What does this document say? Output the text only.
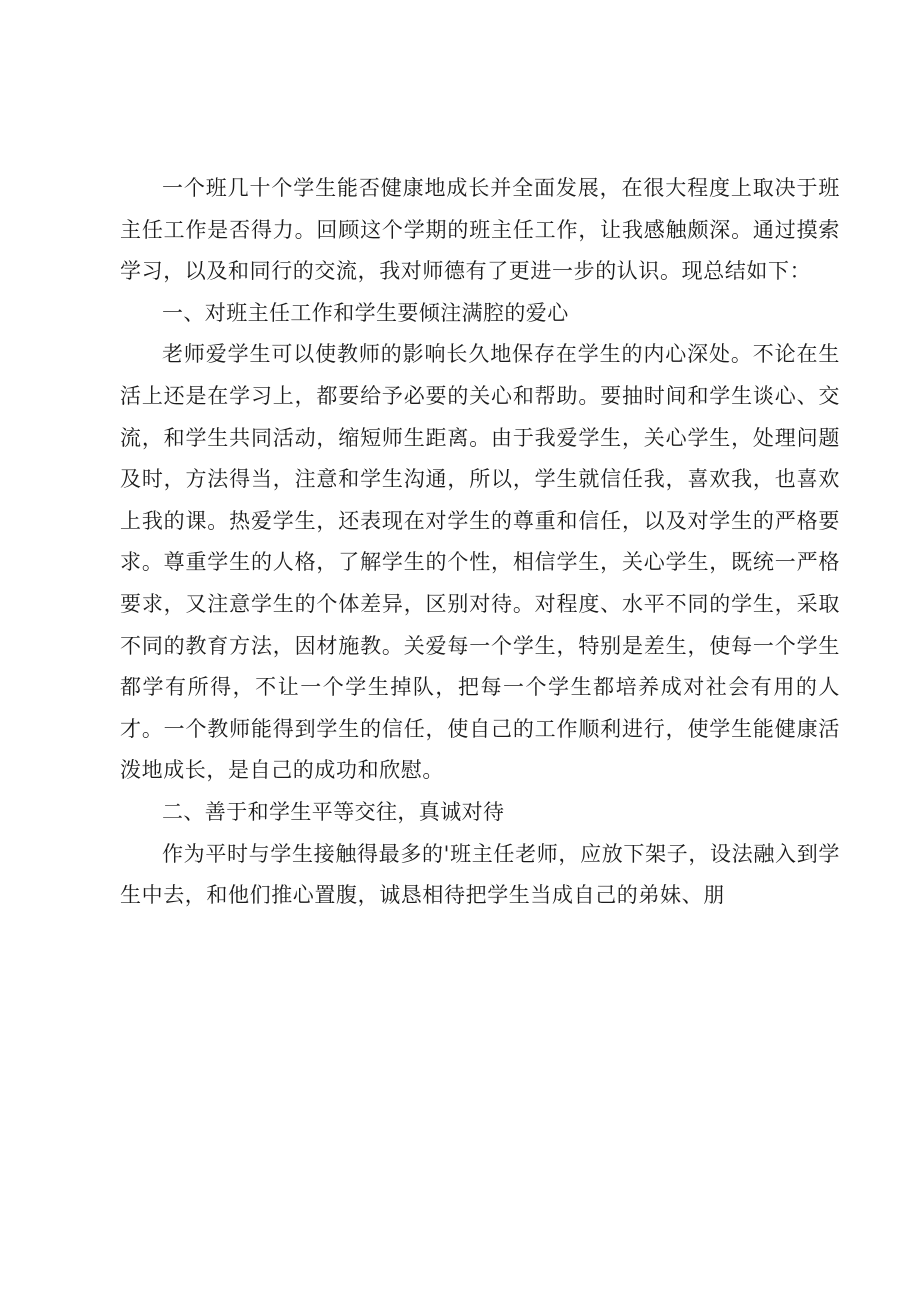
一个班几十个学生能否健康地成长并全面发展，在很大程度上取决于班主任工作是否得力。回顾这个学期的班主任工作，让我感触颇深。通过摸索学习，以及和同行的交流，我对师德有了更进一步的认识。现总结如下：

一、对班主任工作和学生要倾注满腔的爱心

老师爱学生可以使教师的影响长久地保存在学生的内心深处。不论在生活上还是在学习上，都要给予必要的关心和帮助。要抽时间和学生谈心、交流，和学生共同活动，缩短师生距离。由于我爱学生，关心学生，处理问题及时，方法得当，注意和学生沟通，所以，学生就信任我，喜欢我，也喜欢上我的课。热爱学生，还表现在对学生的尊重和信任，以及对学生的严格要求。尊重学生的人格，了解学生的个性，相信学生，关心学生，既统一严格要求，又注意学生的个体差异，区别对待。对程度、水平不同的学生，采取不同的教育方法，因材施教。关爱每一个学生，特别是差生，使每一个学生都学有所得，不让一个学生掉队，把每一个学生都培养成对社会有用的人才。一个教师能得到学生的信任，使自己的工作顺利进行，使学生能健康活泼地成长，是自己的成功和欣慰。

二、善于和学生平等交往，真诚对待

作为平时与学生接触得最多的'班主任老师，应放下架子，设法融入到学生中去，和他们推心置腹，诚恳相待把学生当成自己的弟妹、朋
